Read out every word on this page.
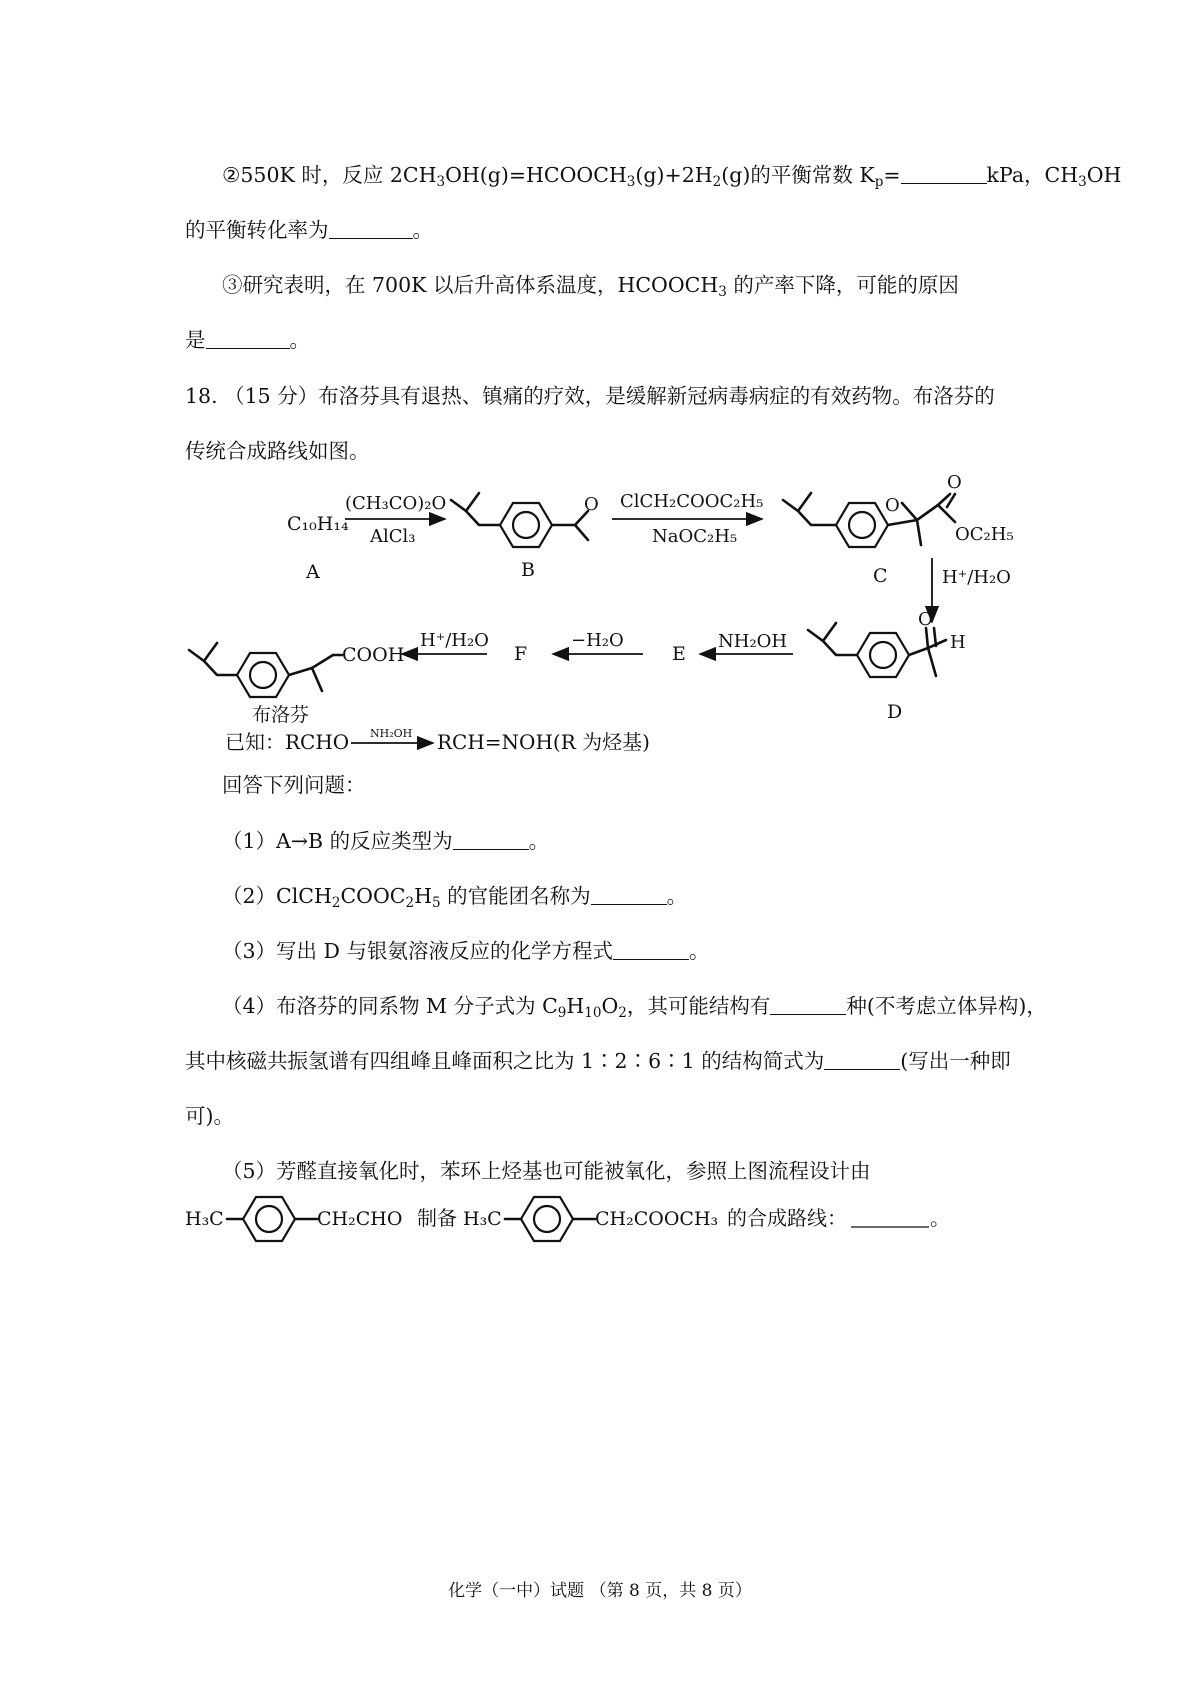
②550K 时，反应 $2CH_3OH(g)=HCOOCH_3(g)+2H_2(g)$的平衡常数 $K_p=$	kPa，$CH_3OH$
的平衡转化率为	。
③研究表明，在 700K 以后升高体系温度，$HCOOCH_3$ 的产率下降，可能的原因
是	。
18. （15 分）布洛芬具有退热、镇痛的疗效，是缓解新冠病毒病症的有效药物。布洛芬的
传统合成路线如图。
C₁₀H₁₄
A
(CH₃CO)₂O
AlCl₃
O
B
ClCH₂COOC₂H₅
NaOC₂H₅
O
O
OC₂H₅
C	H⁺/H₂O
O
H
D
NH₂OH
E
−H₂O
F
H⁺/H₂O
COOH
布洛芬
已知：RCHO NH₂OH RCH=NOH(R 为烃基)
回答下列问题：
（1）A→B 的反应类型为	。
$(2)ClCH_2COOC_2H_5$ 的官能团名称为	。
（3）写出 D 与银氨溶液反应的化学方程式	。
（4）布洛芬的同系物 M 分子式为 $C_9H_{10}O_2$，其可能结构有	种(不考虑立体异构)，
其中核磁共振氢谱有四组峰且峰面积之比为 1∶2∶6∶1 的结构简式为	(写出一种即
可)。
（5）芳醛直接氧化时，苯环上烃基也可能被氧化，参照上图流程设计由
H₃C	CH₂CHO 制备 H₃C	CH₂COOCH₃ 的合成路线：	。
化学（一中）试题 （第 8 页，共 8 页）
